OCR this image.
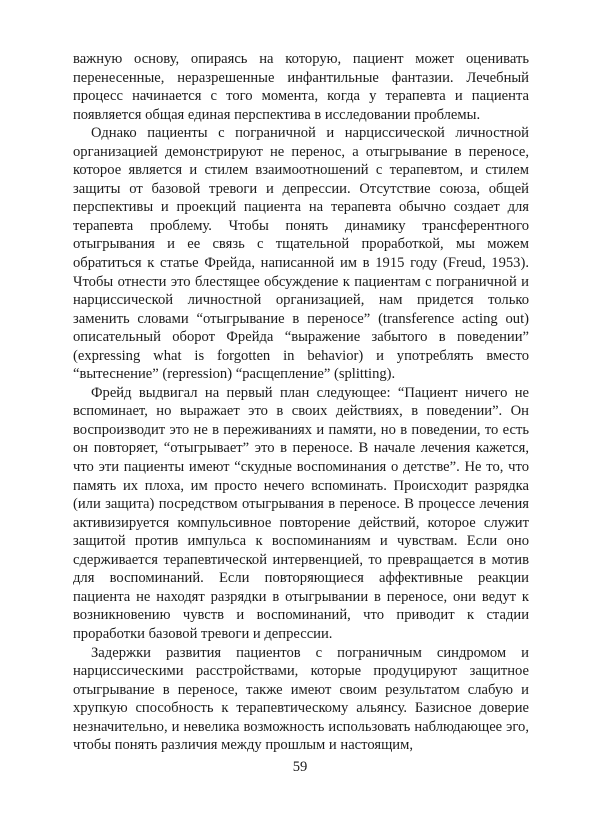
важную основу, опираясь на которую, пациент может оценивать перенесенные, неразрешенные инфантильные фантазии. Лечебный процесс начинается с того момента, когда у терапевта и пациента появляется общая единая перспектива в исследовании проблемы.

Однако пациенты с пограничной и нарциссической личностной организацией демонстрируют не перенос, а отыгрывание в переносе, которое является и стилем взаимоотношений с терапевтом, и стилем защиты от базовой тревоги и депрессии. Отсутствие союза, общей перспективы и проекций пациента на терапевта обычно создает для терапевта проблему. Чтобы понять динамику трансферентного отыгрывания и ее связь с тщательной проработкой, мы можем обратиться к статье Фрейда, написанной им в 1915 году (Freud, 1953). Чтобы отнести это блестящее обсуждение к пациентам с пограничной и нарциссической личностной организацией, нам придется только заменить словами “отыгрывание в переносе” (transference acting out) описательный оборот Фрейда “выражение забытого в поведении” (expressing what is forgotten in behavior) и употреблять вместо “вытеснение” (repression) “расщепление” (splitting).

Фрейд выдвигал на первый план следующее: “Пациент ничего не вспоминает, но выражает это в своих действиях, в поведении”. Он воспроизводит это не в переживаниях и памяти, но в поведении, то есть он повторяет, “отыгрывает” это в переносе. В начале лечения кажется, что эти пациенты имеют “скудные воспоминания о детстве”. Не то, что память их плоха, им просто нечего вспоминать. Происходит разрядка (или защита) посредством отыгрывания в переносе. В процессе лечения активизируется компульсивное повторение действий, которое служит защитой против импульса к воспоминаниям и чувствам. Если оно сдерживается терапевтической интервенцией, то превращается в мотив для воспоминаний. Если повторяющиеся аффективные реакции пациента не находят разрядки в отыгрывании в переносе, они ведут к возникновению чувств и воспоминаний, что приводит к стадии проработки базовой тревоги и депрессии.

Задержки развития пациентов с пограничным синдромом и нарциссическими расстройствами, которые продуцируют защитное отыгрывание в переносе, также имеют своим результатом слабую и хрупкую способность к терапевтическому альянсу. Базисное доверие незначительно, и невелика возможность использовать наблюдающее эго, чтобы понять различия между прошлым и настоящим,

59
